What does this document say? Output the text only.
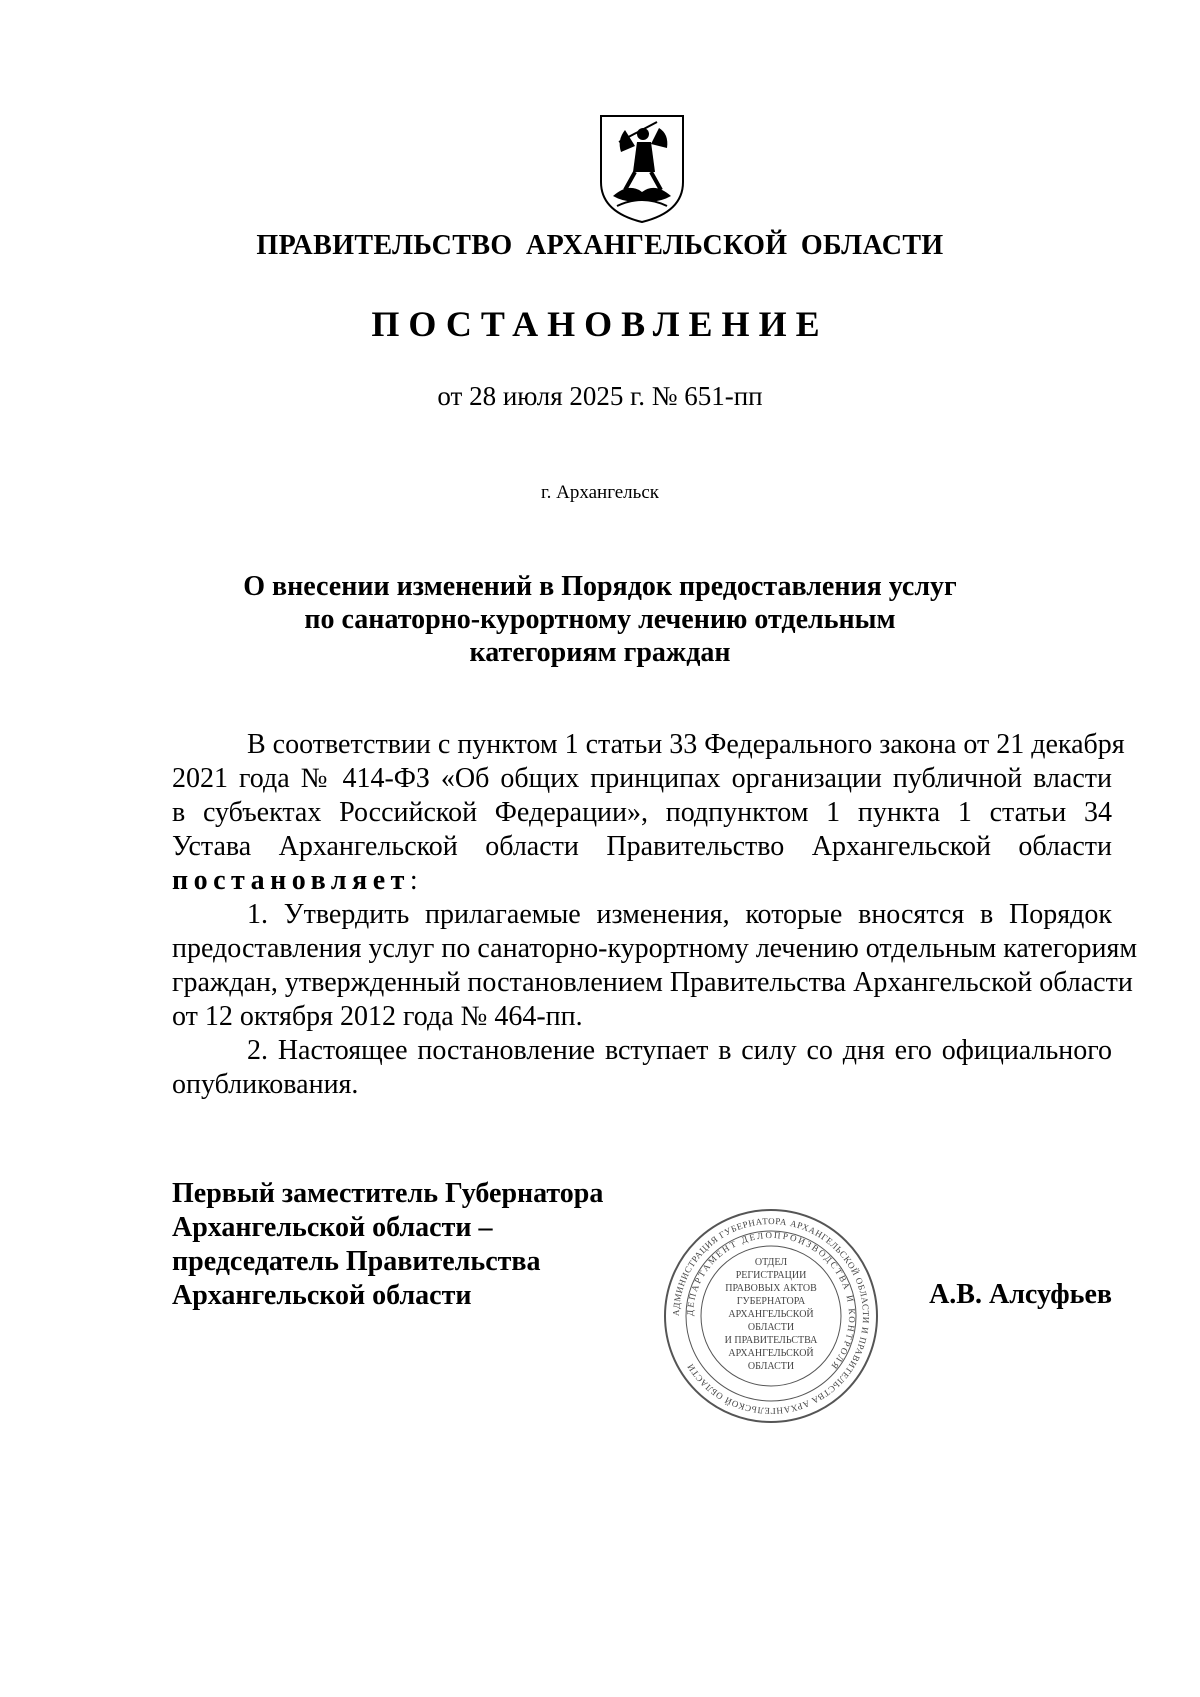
ПРАВИТЕЛЬСТВО АРХАНГЕЛЬСКОЙ ОБЛАСТИ
ПОСТАНОВЛЕНИЕ
от 28 июля 2025 г. № 651-пп
г. Архангельск
О внесении изменений в Порядок предоставления услуг
по санаторно-курортному лечению отдельным
категориям граждан
В соответствии с пунктом 1 статьи 33 Федерального закона от 21 декабря
2021 года № 414-ФЗ «Об общих принципах организации публичной власти
в субъектах Российской Федерации», подпунктом 1 пункта 1 статьи 34
Устава Архангельской области Правительство Архангельской области
постановляет:
1. Утвердить прилагаемые изменения, которые вносятся в Порядок
предоставления услуг по санаторно-курортному лечению отдельным категориям
граждан, утвержденный постановлением Правительства Архангельской области
от 12 октября 2012 года № 464-пп.
2. Настоящее постановление вступает в силу со дня его официального
опубликования.
Первый заместитель Губернатора
Архангельской области –
председатель Правительства
Архангельской области
АДМИНИСТРАЦИЯ ГУБЕРНАТОРА АРХАНГЕЛЬСКОЙ ОБЛАСТИ И ПРАВИТЕЛЬСТВА АРХАНГЕЛЬСКОЙ ОБЛАСТИ
ДЕПАРТАМЕНТ ДЕЛОПРОИЗВОДСТВА И КОНТРОЛЯ
ОТДЕЛ
РЕГИСТРАЦИИ
ПРАВОВЫХ АКТОВ
ГУБЕРНАТОРА
АРХАНГЕЛЬСКОЙ
ОБЛАСТИ
И ПРАВИТЕЛЬСТВА
АРХАНГЕЛЬСКОЙ
ОБЛАСТИ
А.В. Алсуфьев
